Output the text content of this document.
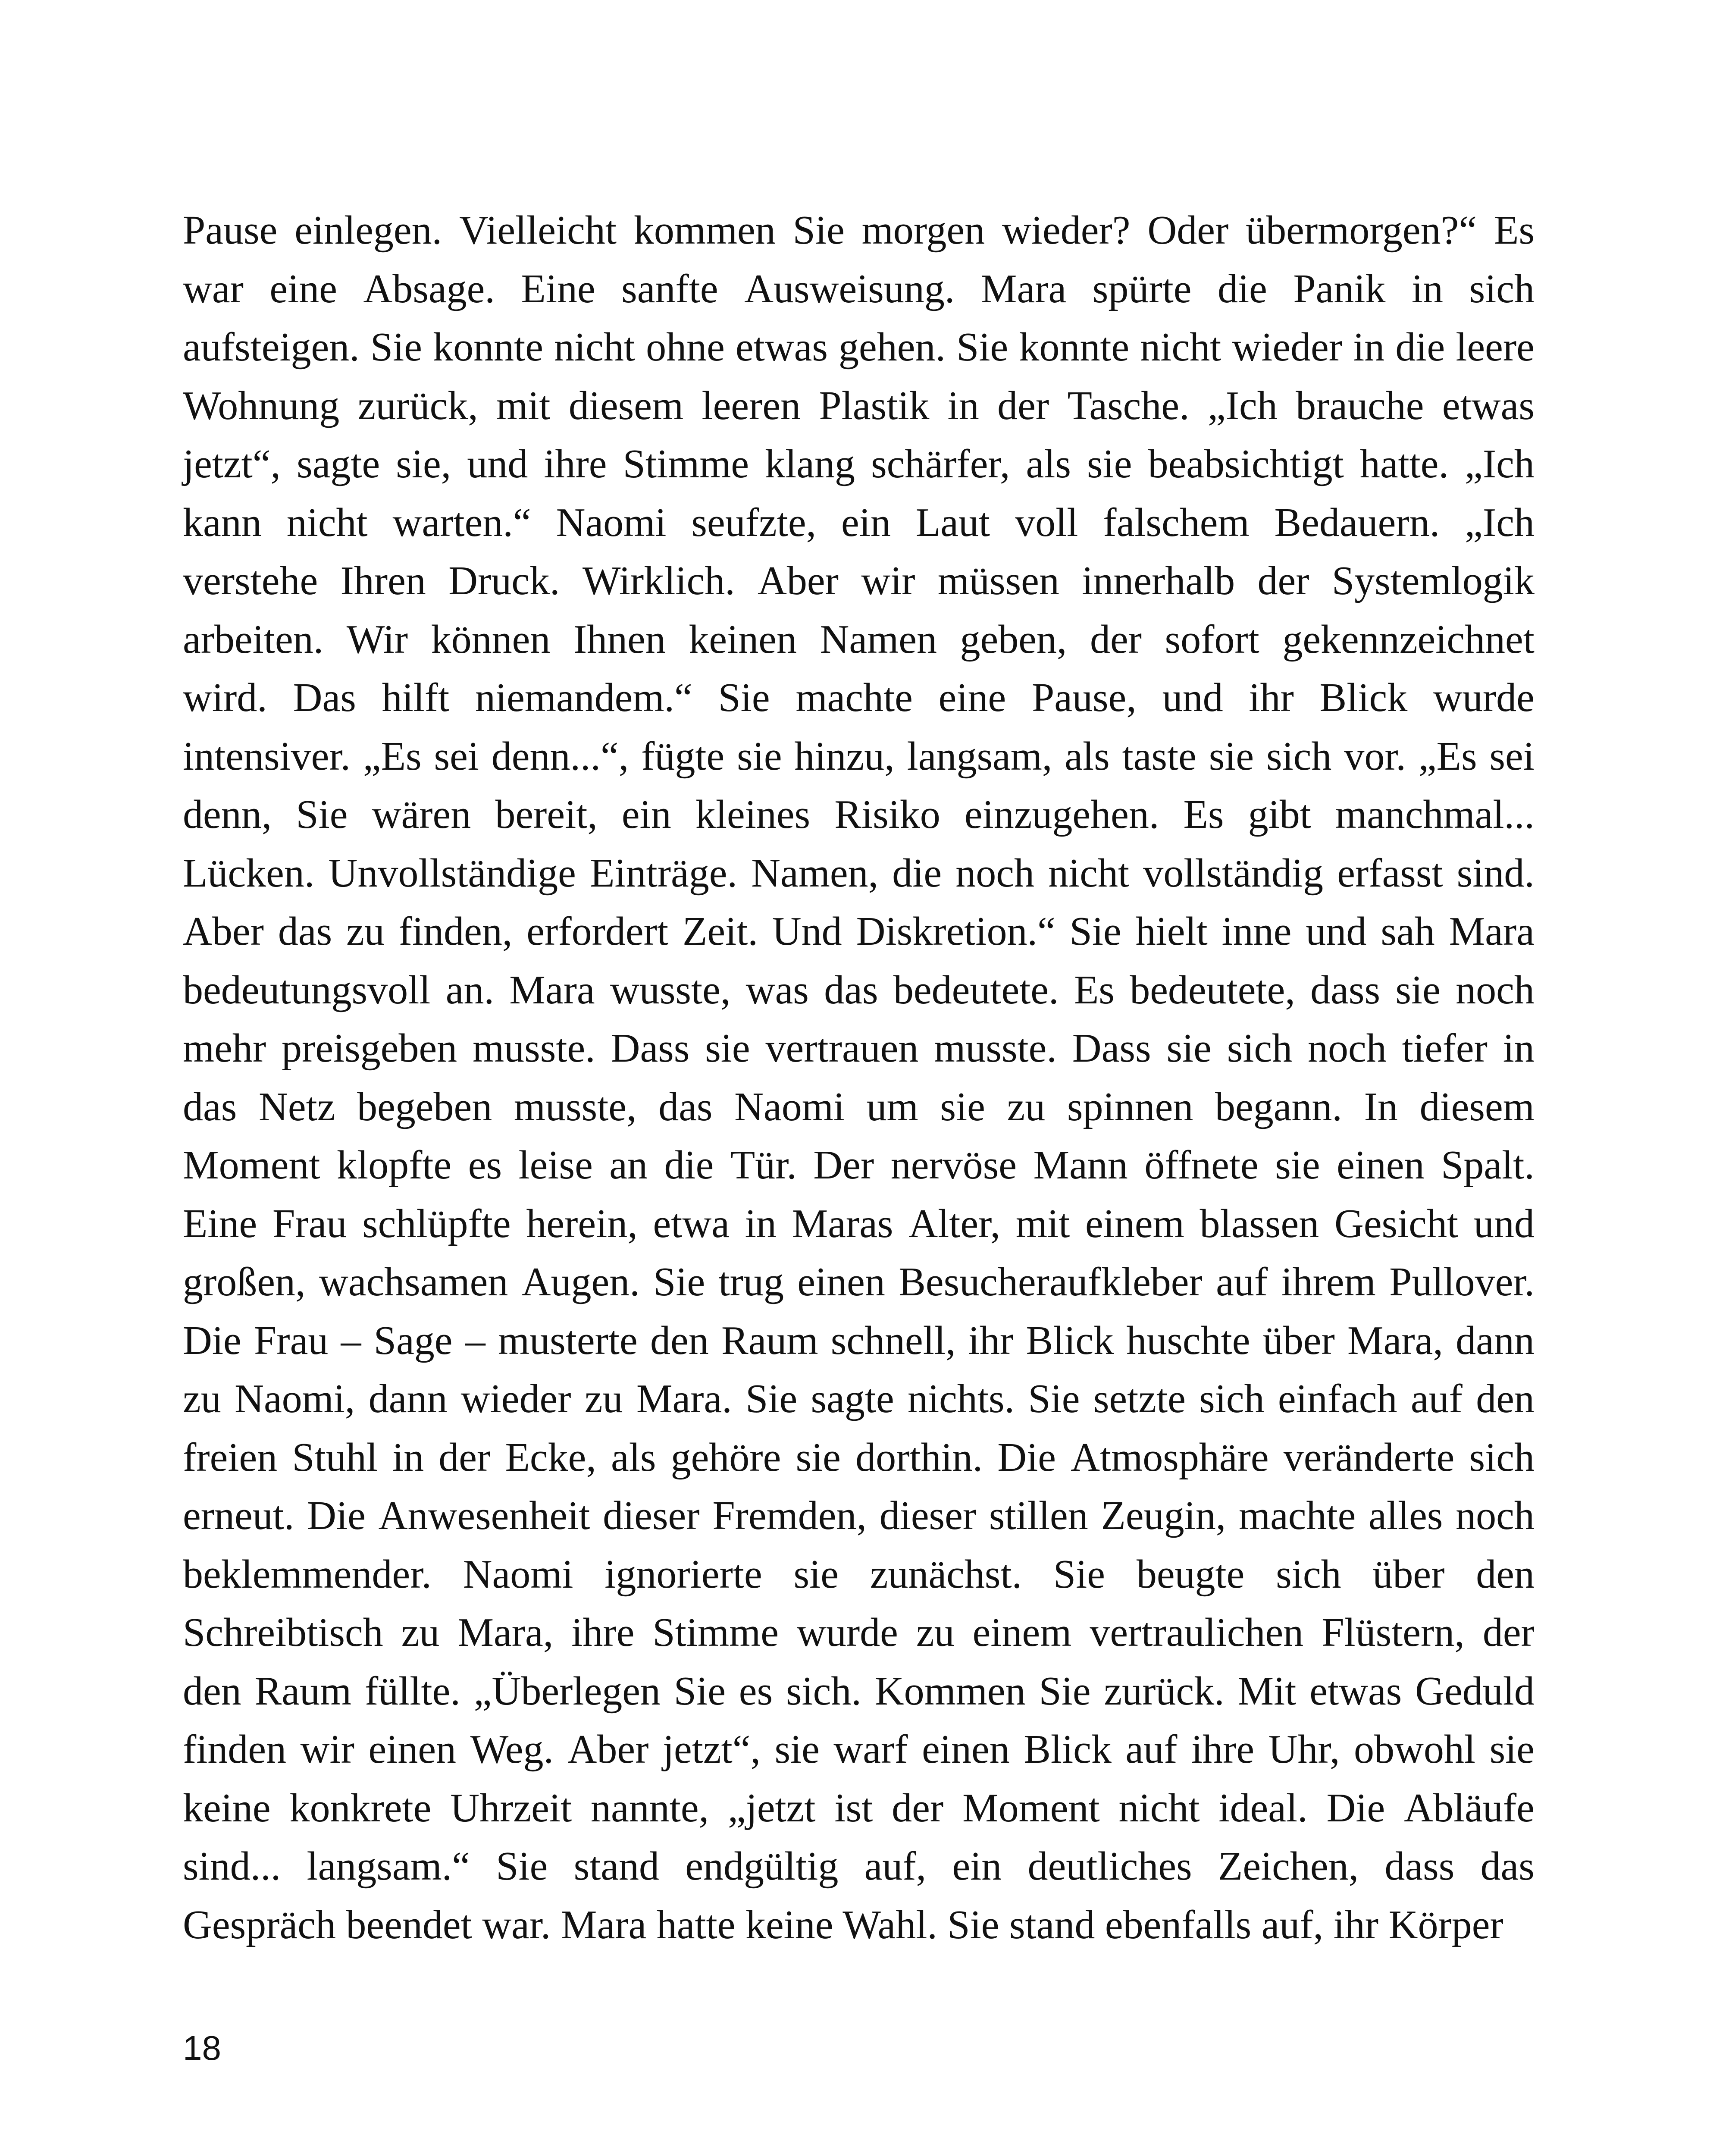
Pause einlegen. Vielleicht kommen Sie morgen wieder? Oder übermorgen?“ Es
war eine Absage. Eine sanfte Ausweisung. Mara spürte die Panik in sich
aufsteigen. Sie konnte nicht ohne etwas gehen. Sie konnte nicht wieder in die leere
Wohnung zurück, mit diesem leeren Plastik in der Tasche. „Ich brauche etwas
jetzt“, sagte sie, und ihre Stimme klang schärfer, als sie beabsichtigt hatte. „Ich
kann nicht warten.“ Naomi seufzte, ein Laut voll falschem Bedauern. „Ich
verstehe Ihren Druck. Wirklich. Aber wir müssen innerhalb der Systemlogik
arbeiten. Wir können Ihnen keinen Namen geben, der sofort gekennzeichnet
wird. Das hilft niemandem.“ Sie machte eine Pause, und ihr Blick wurde
intensiver. „Es sei denn...“, fügte sie hinzu, langsam, als taste sie sich vor. „Es sei
denn, Sie wären bereit, ein kleines Risiko einzugehen. Es gibt manchmal...
Lücken. Unvollständige Einträge. Namen, die noch nicht vollständig erfasst sind.
Aber das zu finden, erfordert Zeit. Und Diskretion.“ Sie hielt inne und sah Mara
bedeutungsvoll an. Mara wusste, was das bedeutete. Es bedeutete, dass sie noch
mehr preisgeben musste. Dass sie vertrauen musste. Dass sie sich noch tiefer in
das Netz begeben musste, das Naomi um sie zu spinnen begann. In diesem
Moment klopfte es leise an die Tür. Der nervöse Mann öffnete sie einen Spalt.
Eine Frau schlüpfte herein, etwa in Maras Alter, mit einem blassen Gesicht und
großen, wachsamen Augen. Sie trug einen Besucheraufkleber auf ihrem Pullover.
Die Frau – Sage – musterte den Raum schnell, ihr Blick huschte über Mara, dann
zu Naomi, dann wieder zu Mara. Sie sagte nichts. Sie setzte sich einfach auf den
freien Stuhl in der Ecke, als gehöre sie dorthin. Die Atmosphäre veränderte sich
erneut. Die Anwesenheit dieser Fremden, dieser stillen Zeugin, machte alles noch
beklemmender. Naomi ignorierte sie zunächst. Sie beugte sich über den
Schreibtisch zu Mara, ihre Stimme wurde zu einem vertraulichen Flüstern, der
den Raum füllte. „Überlegen Sie es sich. Kommen Sie zurück. Mit etwas Geduld
finden wir einen Weg. Aber jetzt“, sie warf einen Blick auf ihre Uhr, obwohl sie
keine konkrete Uhrzeit nannte, „jetzt ist der Moment nicht ideal. Die Abläufe
sind... langsam.“ Sie stand endgültig auf, ein deutliches Zeichen, dass das
Gespräch beendet war. Mara hatte keine Wahl. Sie stand ebenfalls auf, ihr Körper
18
